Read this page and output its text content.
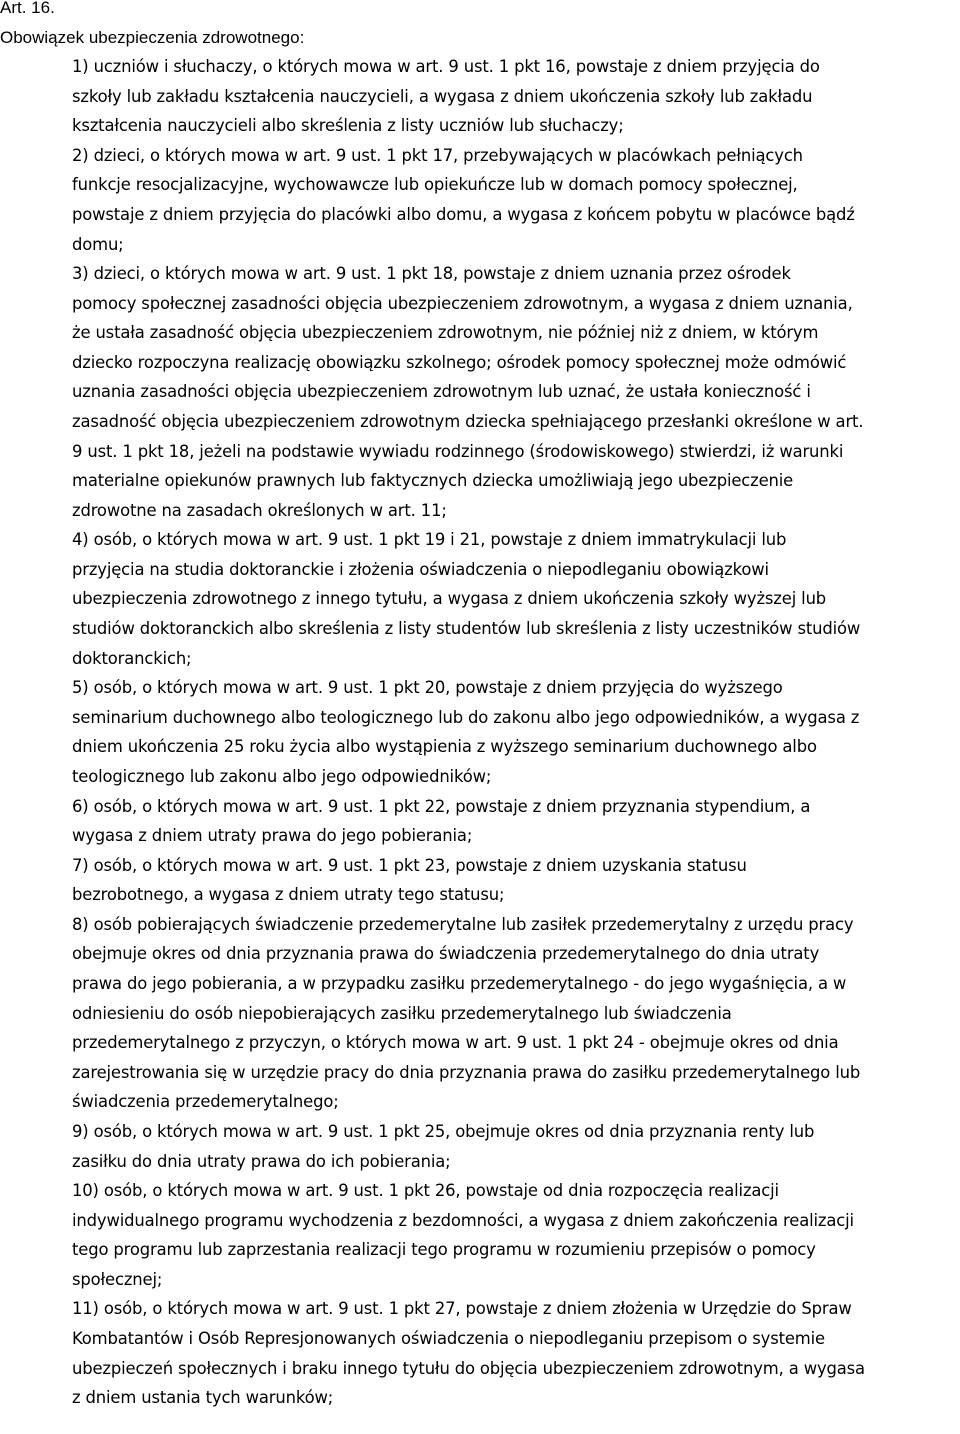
Art. 16.
Obowiązek ubezpieczenia zdrowotnego:
1) uczniów i słuchaczy, o których mowa w art. 9 ust. 1 pkt 16, powstaje z dniem przyjęcia do
szkoły lub zakładu kształcenia nauczycieli, a wygasa z dniem ukończenia szkoły lub zakładu
kształcenia nauczycieli albo skreślenia z listy uczniów lub słuchaczy;
2) dzieci, o których mowa w art. 9 ust. 1 pkt 17, przebywających w placówkach pełniących
funkcje resocjalizacyjne, wychowawcze lub opiekuńcze lub w domach pomocy społecznej,
powstaje z dniem przyjęcia do placówki albo domu, a wygasa z końcem pobytu w placówce bądź
domu;
3) dzieci, o których mowa w art. 9 ust. 1 pkt 18, powstaje z dniem uznania przez ośrodek
pomocy społecznej zasadności objęcia ubezpieczeniem zdrowotnym, a wygasa z dniem uznania,
że ustała zasadność objęcia ubezpieczeniem zdrowotnym, nie później niż z dniem, w którym
dziecko rozpoczyna realizację obowiązku szkolnego; ośrodek pomocy społecznej może odmówić
uznania zasadności objęcia ubezpieczeniem zdrowotnym lub uznać, że ustała konieczność i
zasadność objęcia ubezpieczeniem zdrowotnym dziecka spełniającego przesłanki określone w art.
9 ust. 1 pkt 18, jeżeli na podstawie wywiadu rodzinnego (środowiskowego) stwierdzi, iż warunki
materialne opiekunów prawnych lub faktycznych dziecka umożliwiają jego ubezpieczenie
zdrowotne na zasadach określonych w art. 11;
4) osób, o których mowa w art. 9 ust. 1 pkt 19 i 21, powstaje z dniem immatrykulacji lub
przyjęcia na studia doktoranckie i złożenia oświadczenia o niepodleganiu obowiązkowi
ubezpieczenia zdrowotnego z innego tytułu, a wygasa z dniem ukończenia szkoły wyższej lub
studiów doktoranckich albo skreślenia z listy studentów lub skreślenia z listy uczestników studiów
doktoranckich;
5) osób, o których mowa w art. 9 ust. 1 pkt 20, powstaje z dniem przyjęcia do wyższego
seminarium duchownego albo teologicznego lub do zakonu albo jego odpowiedników, a wygasa z
dniem ukończenia 25 roku życia albo wystąpienia z wyższego seminarium duchownego albo
teologicznego lub zakonu albo jego odpowiedników;
6) osób, o których mowa w art. 9 ust. 1 pkt 22, powstaje z dniem przyznania stypendium, a
wygasa z dniem utraty prawa do jego pobierania;
7) osób, o których mowa w art. 9 ust. 1 pkt 23, powstaje z dniem uzyskania statusu
bezrobotnego, a wygasa z dniem utraty tego statusu;
8) osób pobierających świadczenie przedemerytalne lub zasiłek przedemerytalny z urzędu pracy
obejmuje okres od dnia przyznania prawa do świadczenia przedemerytalnego do dnia utraty
prawa do jego pobierania, a w przypadku zasiłku przedemerytalnego - do jego wygaśnięcia, a w
odniesieniu do osób niepobierających zasiłku przedemerytalnego lub świadczenia
przedemerytalnego z przyczyn, o których mowa w art. 9 ust. 1 pkt 24 - obejmuje okres od dnia
zarejestrowania się w urzędzie pracy do dnia przyznania prawa do zasiłku przedemerytalnego lub
świadczenia przedemerytalnego;
9) osób, o których mowa w art. 9 ust. 1 pkt 25, obejmuje okres od dnia przyznania renty lub
zasiłku do dnia utraty prawa do ich pobierania;
10) osób, o których mowa w art. 9 ust. 1 pkt 26, powstaje od dnia rozpoczęcia realizacji
indywidualnego programu wychodzenia z bezdomności, a wygasa z dniem zakończenia realizacji
tego programu lub zaprzestania realizacji tego programu w rozumieniu przepisów o pomocy
społecznej;
11) osób, o których mowa w art. 9 ust. 1 pkt 27, powstaje z dniem złożenia w Urzędzie do Spraw
Kombatantów i Osób Represjonowanych oświadczenia o niepodleganiu przepisom o systemie
ubezpieczeń społecznych i braku innego tytułu do objęcia ubezpieczeniem zdrowotnym, a wygasa
z dniem ustania tych warunków;
